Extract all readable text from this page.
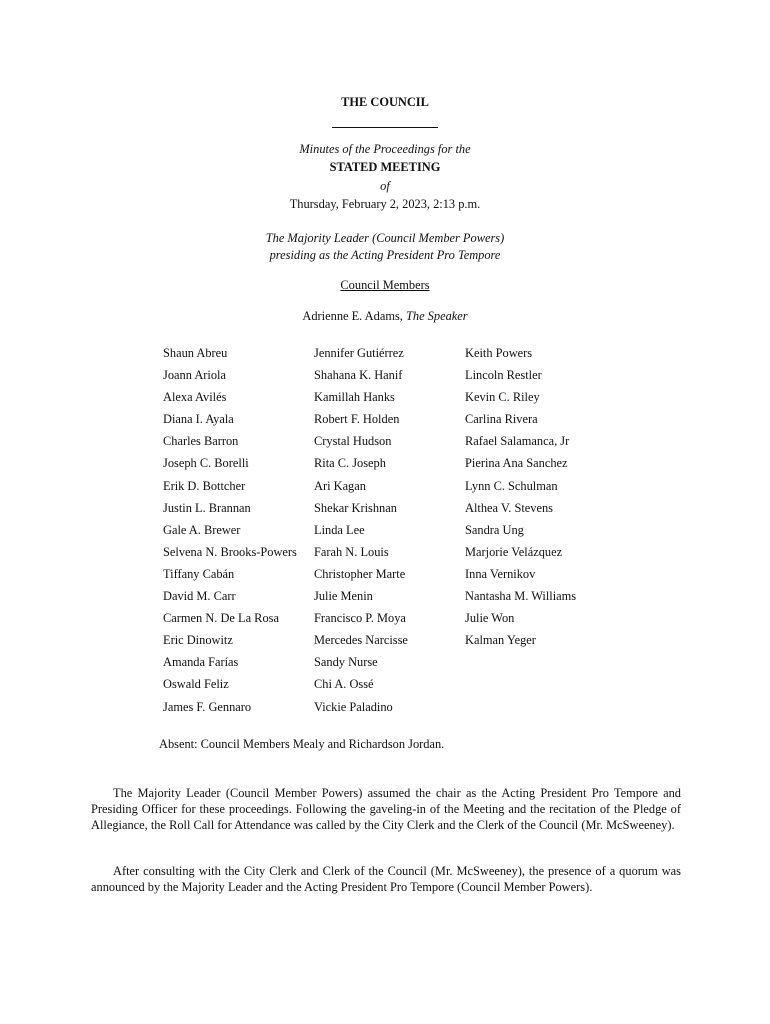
THE COUNCIL
Minutes of the Proceedings for the
STATED MEETING
of
Thursday, February 2, 2023, 2:13 p.m.
The Majority Leader (Council Member Powers)
presiding as the Acting President Pro Tempore
Council Members
Adrienne E. Adams, The Speaker
Shaun Abreu
Joann Ariola
Alexa Avilés
Diana I. Ayala
Charles Barron
Joseph C. Borelli
Erik D. Bottcher
Justin L. Brannan
Gale A. Brewer
Selvena N. Brooks-Powers
Tiffany Cabán
David M. Carr
Carmen N. De La Rosa
Eric Dinowitz
Amanda Farías
Oswald Feliz
James F. Gennaro
Jennifer Gutiérrez
Shahana K. Hanif
Kamillah Hanks
Robert F. Holden
Crystal Hudson
Rita C. Joseph
Ari Kagan
Shekar Krishnan
Linda Lee
Farah N. Louis
Christopher Marte
Julie Menin
Francisco P. Moya
Mercedes Narcisse
Sandy Nurse
Chi A. Ossé
Vickie Paladino
Keith Powers
Lincoln Restler
Kevin C. Riley
Carlina Rivera
Rafael Salamanca, Jr
Pierina Ana Sanchez
Lynn C. Schulman
Althea V. Stevens
Sandra Ung
Marjorie Velázquez
Inna Vernikov
Nantasha M. Williams
Julie Won
Kalman Yeger
Absent: Council Members Mealy and Richardson Jordan.
The Majority Leader (Council Member Powers) assumed the chair as the Acting President Pro Tempore and Presiding Officer for these proceedings. Following the gaveling-in of the Meeting and the recitation of the Pledge of Allegiance, the Roll Call for Attendance was called by the City Clerk and the Clerk of the Council (Mr. McSweeney).
After consulting with the City Clerk and Clerk of the Council (Mr. McSweeney), the presence of a quorum was announced by the Majority Leader and the Acting President Pro Tempore (Council Member Powers).
